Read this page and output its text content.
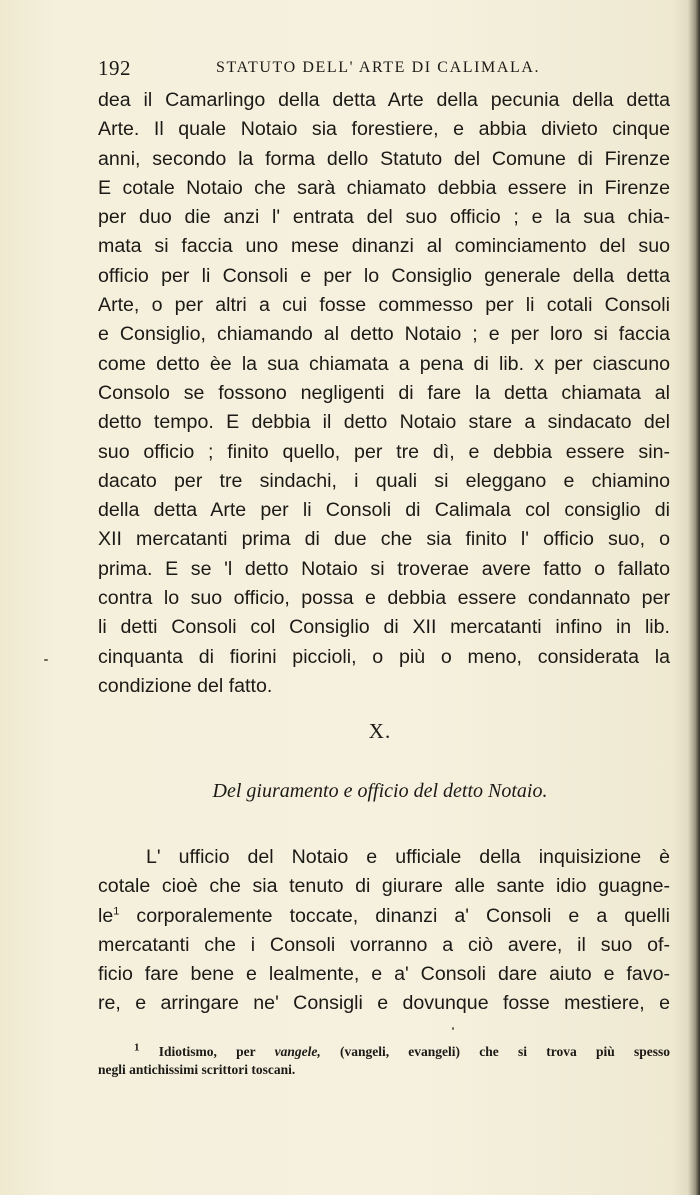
192	STATUTO DELL' ARTE DI CALIMALA.
dea il Camarlingo della detta Arte della pecunia della detta
Arte. Il quale Notaio sia forestiere, e abbia divieto cinque
anni, secondo la forma dello Statuto del Comune di Firenze
E cotale Notaio che sarà chiamato debbia essere in Firenze
per duo die anzi l' entrata del suo officio ; e la sua chia-
mata si faccia uno mese dinanzi al cominciamento del suo
officio per li Consoli e per lo Consiglio generale della detta
Arte, o per altri a cui fosse commesso per li cotali Consoli
e Consiglio, chiamando al detto Notaio ; e per loro si faccia
come detto èe la sua chiamata a pena di lib. x per ciascuno
Consolo se fossono negligenti di fare la detta chiamata al
detto tempo. E debbia il detto Notaio stare a sindacato del
suo officio ; finito quello, per tre dì, e debbia essere sin-
dacato per tre sindachi, i quali si eleggano e chiamino
della detta Arte per li Consoli di Calimala col consiglio di
XII mercatanti prima di due che sia finito l' officio suo, o
prima. E se 'l detto Notaio si troverae avere fatto o fallato
contra lo suo officio, possa e debbia essere condannato per
li detti Consoli col Consiglio di XII mercatanti infino in lib.
cinquanta di fiorini piccioli, o più o meno, considerata la
condizione del fatto.
X.
Del giuramento e officio del detto Notaio.
L' ufficio del Notaio e ufficiale della inquisizione è
cotale cioè che sia tenuto di giurare alle sante idio guagne-
$le^1$ corporalemente toccate, dinanzi a' Consoli e a quelli
mercatanti che i Consoli vorranno a ciò avere, il suo of-
ficio fare bene e lealmente, e a' Consoli dare aiuto e favo-
re, e arringare ne' Consigli e dovunque fosse mestiere, e
$^1$ Idiotismo, per vangele, (vangeli, evangeli) che si trova più spesso
negli antichissimi scrittori toscani.
